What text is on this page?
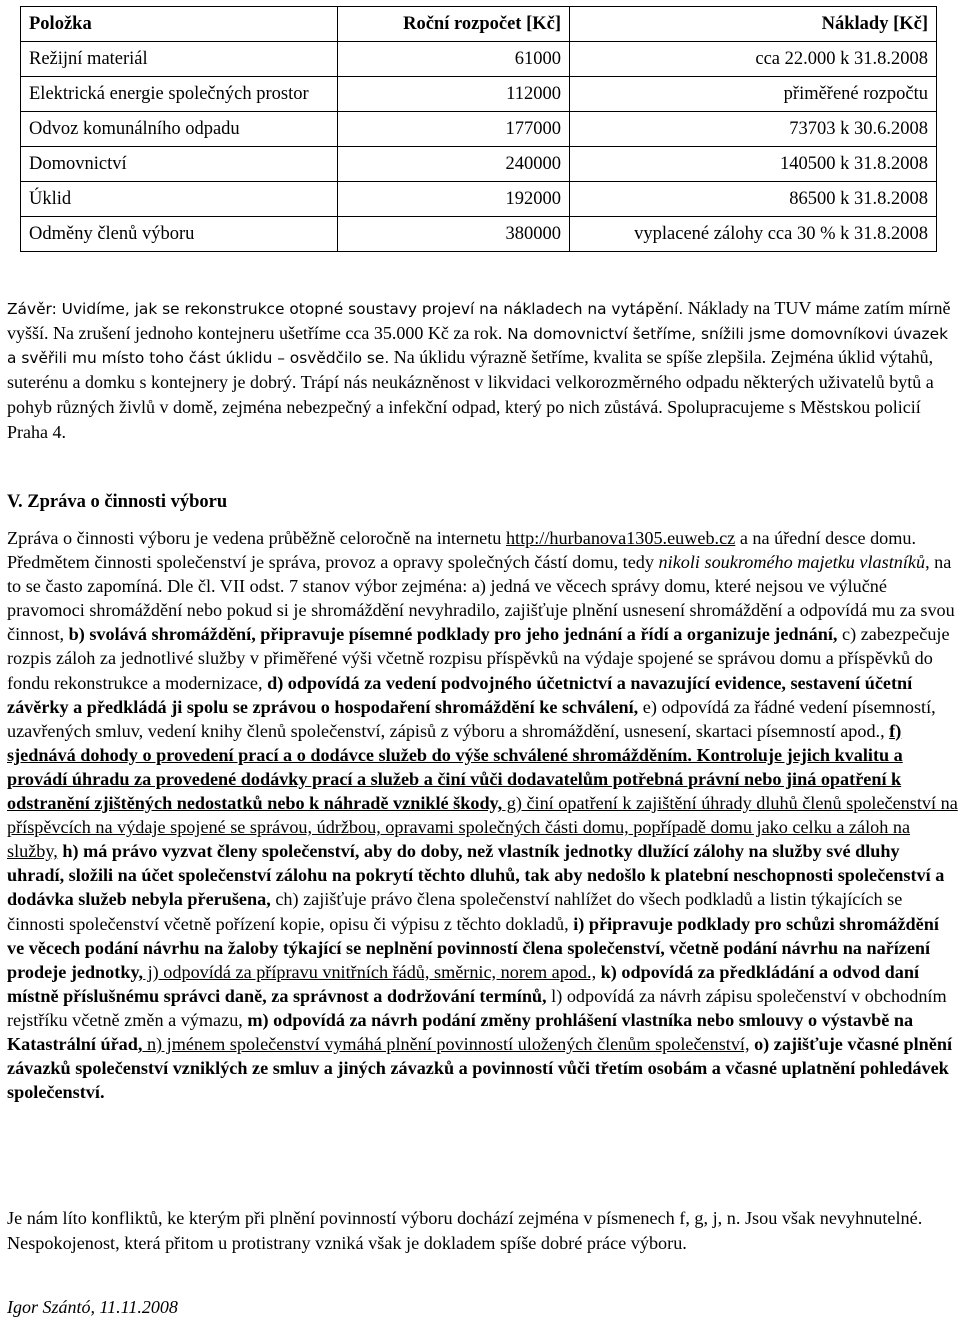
Položka	Roční rozpočet [Kč]	Náklady [Kč]
Režijní materiál	61000	cca 22.000 k 31.8.2008
Elektrická energie společných prostor	112000	přiměřené rozpočtu
Odvoz komunálního odpadu	177000	73703 k 30.6.2008
Domovnictví	240000	140500 k 31.8.2008
Úklid	192000	86500 k 31.8.2008
Odměny členů výboru	380000	vyplacené zálohy cca 30 % k 31.8.2008

Závěr: Uvidíme, jak se rekonstrukce otopné soustavy projeví na nákladech na vytápění. Náklady na TUV máme zatím mírně vyšší. Na zrušení jednoho kontejneru ušetříme cca 35.000 Kč za rok. Na domovnictví šetříme, snížili jsme domovníkovi úvazek a svěřili mu místo toho část úklidu – osvědčilo se. Na úklidu výrazně šetříme, kvalita se spíše zlepšila. Zejména úklid výtahů, suterénu a domku s kontejnery je dobrý. Trápí nás neukázněnost v likvidaci velkorozměrného odpadu některých uživatelů bytů a pohyb různých živlů v domě, zejména nebezpečný a infekční odpad, který po nich zůstává. Spolupracujeme s Městskou policií Praha 4.

V. Zpráva o činnosti výboru

Zpráva o činnosti výboru je vedena průběžně celoročně na internetu http://hurbanova1305.euweb.cz a na úřední desce domu. Předmětem činnosti společenství je správa, provoz a opravy společných částí domu, tedy nikoli soukromého majetku vlastníků, na to se často zapomíná. Dle čl. VII odst. 7 stanov výbor zejména: a) jedná ve věcech správy domu, které nejsou ve výlučné pravomoci shromáždění nebo pokud si je shromáždění nevyhradilo, zajišťuje plnění usnesení shromáždění a odpovídá mu za svou činnost, b) svolává shromáždění, připravuje písemné podklady pro jeho jednání a řídí a organizuje jednání, c) zabezpečuje rozpis záloh za jednotlivé služby v přiměřené výši včetně rozpisu příspěvků na výdaje spojené se správou domu a příspěvků do fondu rekonstrukce a modernizace, d) odpovídá za vedení podvojného účetnictví a navazující evidence, sestavení účetní závěrky a předkládá ji spolu se zprávou o hospodaření shromáždění ke schválení, e) odpovídá za řádné vedení písemností, uzavřených smluv, vedení knihy členů společenství, zápisů z výboru a shromáždění, usnesení, skartaci písemností apod., f) sjednává dohody o provedení prací a o dodávce služeb do výše schválené shromážděním. Kontroluje jejich kvalitu a provádí úhradu za provedené dodávky prací a služeb a činí vůči dodavatelům potřebná právní nebo jiná opatření k odstranění zjištěných nedostatků nebo k náhradě vzniklé škody, g) činí opatření k zajištění úhrady dluhů členů společenství na příspěvcích na výdaje spojené se správou, údržbou, opravami společných části domu, popřípadě domu jako celku a záloh na služby, h) má právo vyzvat členy společenství, aby do doby, než vlastník jednotky dlužící zálohy na služby své dluhy uhradí, složili na účet společenství zálohu na pokrytí těchto dluhů, tak aby nedošlo k platební neschopnosti společenství a dodávka služeb nebyla přerušena, ch) zajišťuje právo člena společenství nahlížet do všech podkladů a listin týkajících se činnosti společenství včetně pořízení kopie, opisu či výpisu z těchto dokladů, i) připravuje podklady pro schůzi shromáždění ve věcech podání návrhu na žaloby týkající se neplnění povinností člena společenství, včetně podání návrhu na nařízení prodeje jednotky, j) odpovídá za přípravu vnitřních řádů, směrnic, norem apod., k) odpovídá za předkládání a odvod daní místně příslušnému správci daně, za správnost a dodržování termínů, l) odpovídá za návrh zápisu společenství v obchodním rejstříku včetně změn a výmazu, m) odpovídá za návrh podání změny prohlášení vlastníka nebo smlouvy o výstavbě na Katastrální úřad, n) jménem společenství vymáhá plnění povinností uložených členům společenství, o) zajišťuje včasné plnění závazků společenství vzniklých ze smluv a jiných závazků a povinností vůči třetím osobám a včasné uplatnění pohledávek společenství.

Je nám líto konfliktů, ke kterým při plnění povinností výboru dochází zejména v písmenech f, g, j, n. Jsou však nevyhnutelné. Nespokojenost, která přitom u protistrany vzniká však je dokladem spíše dobré práce výboru.

Igor Szántó, 11.11.2008
